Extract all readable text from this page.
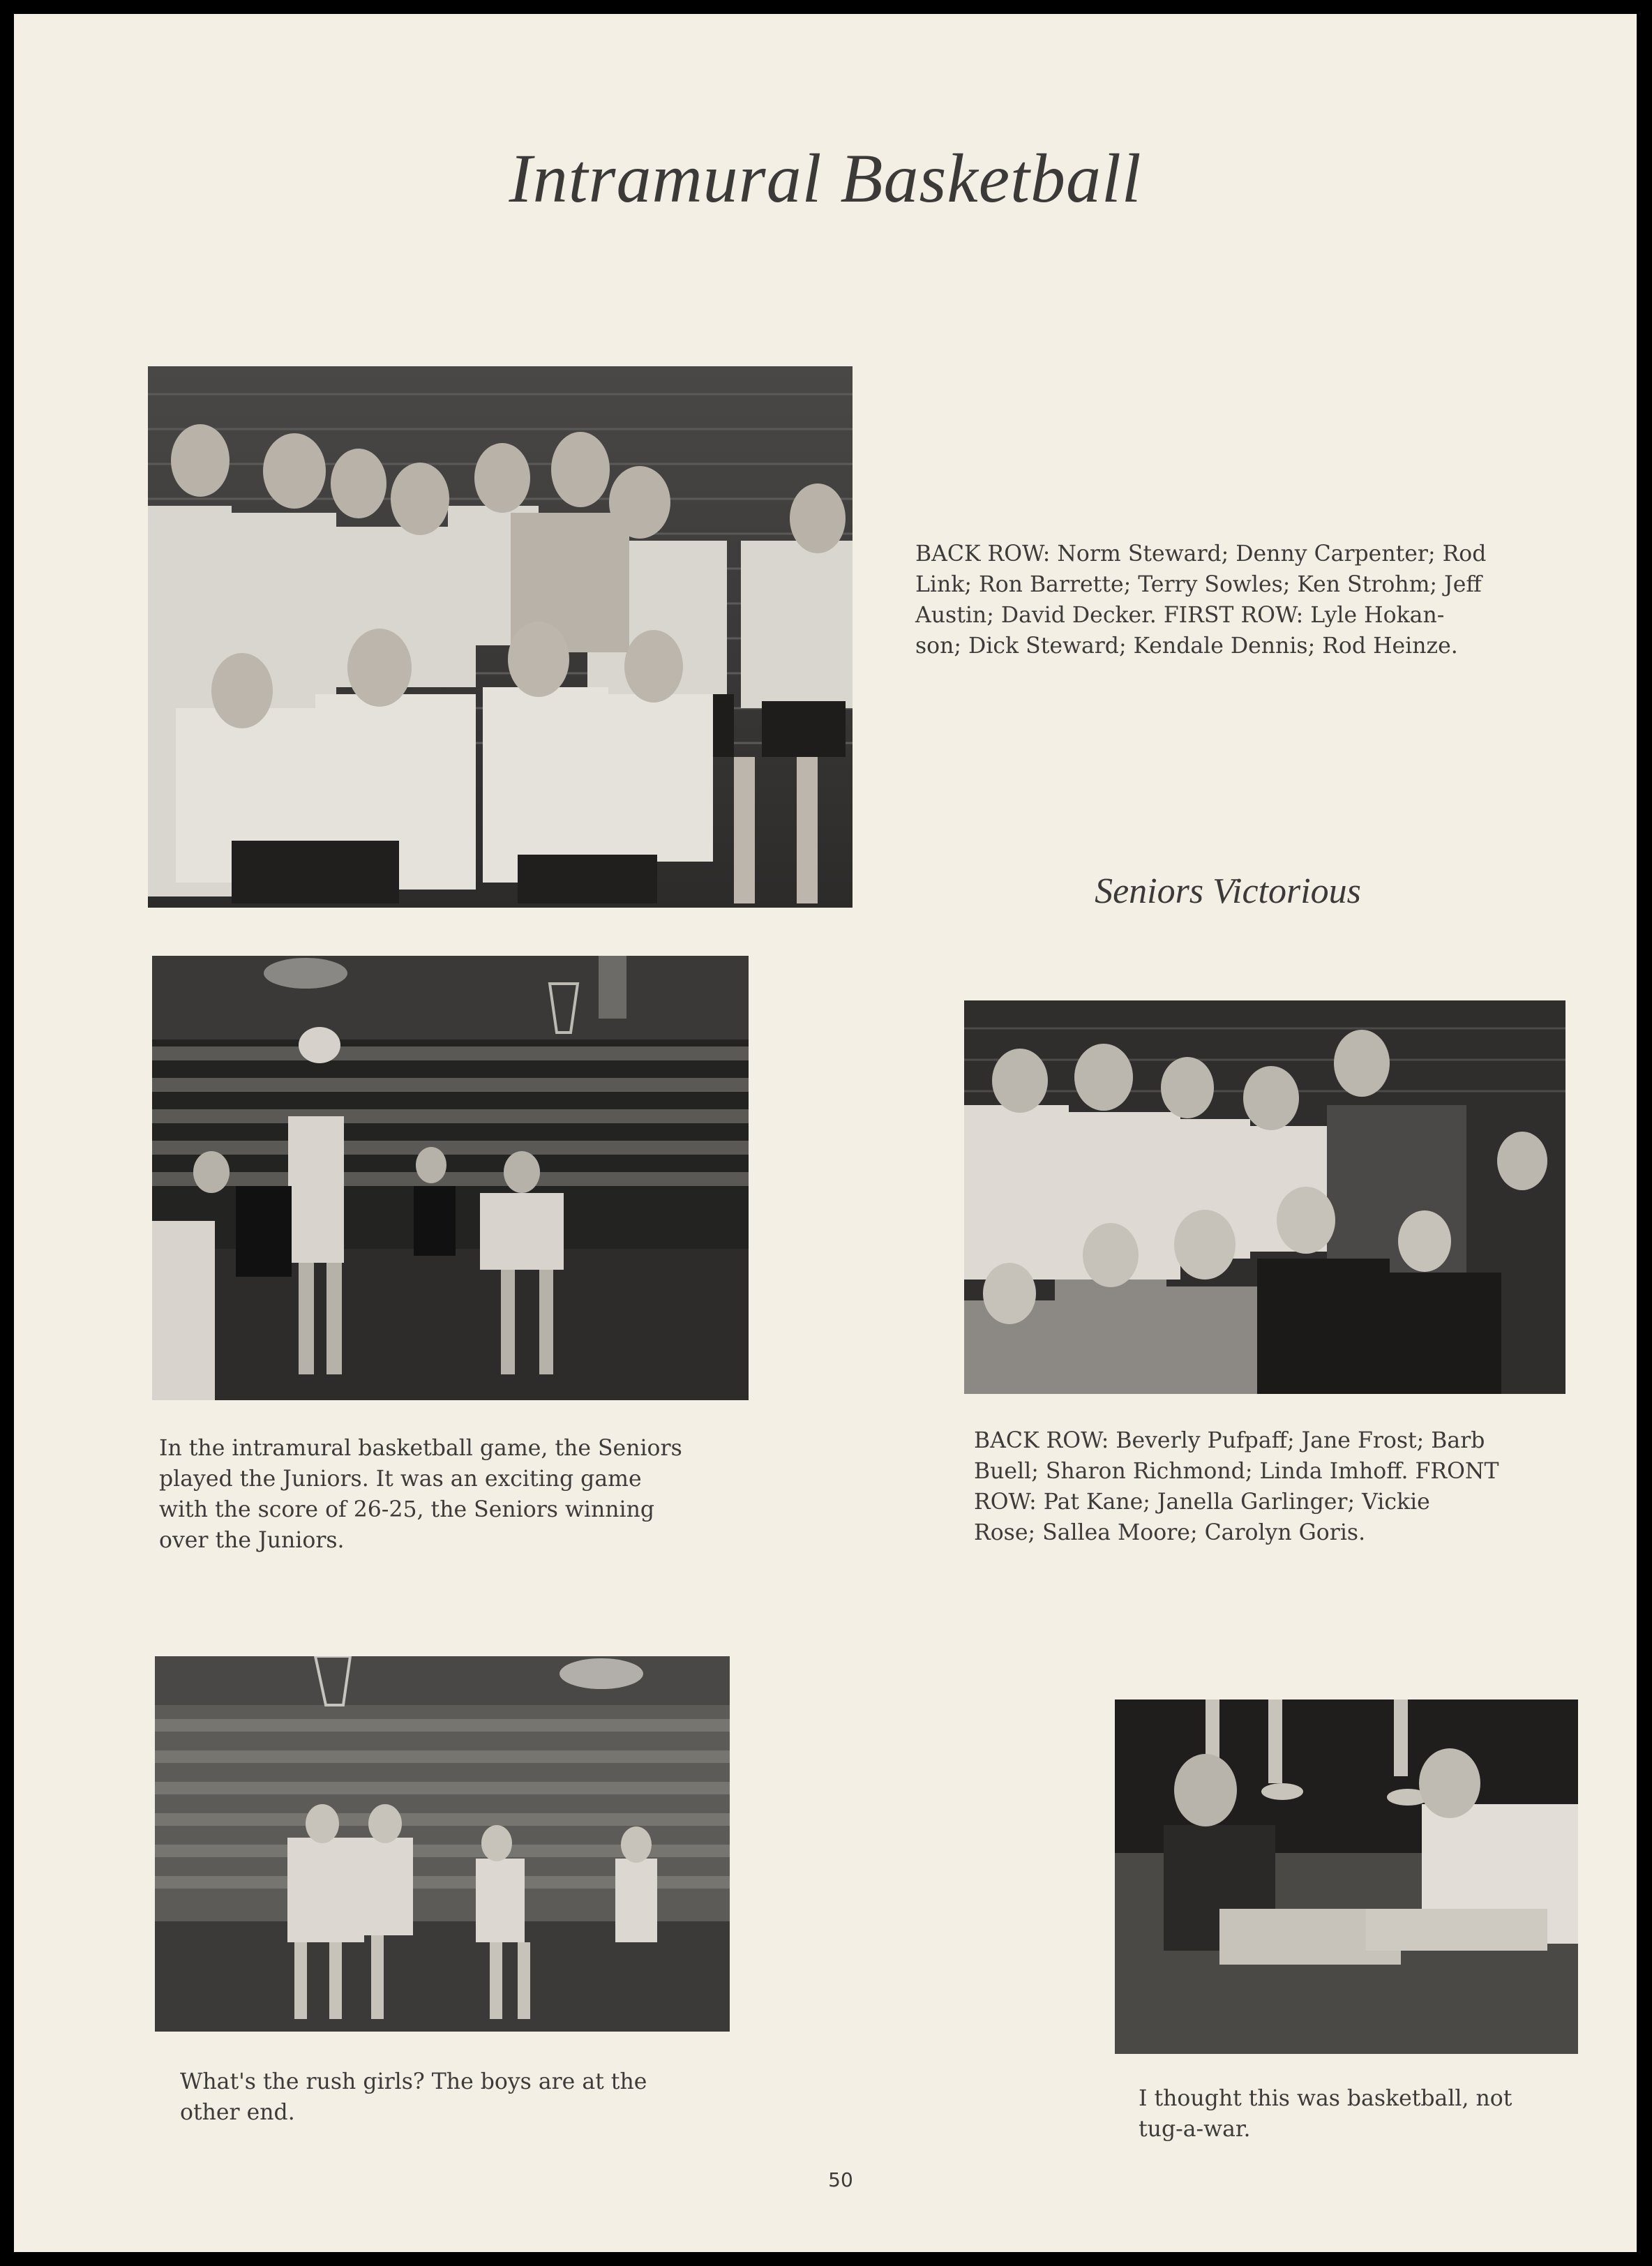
Intramural Basketball
BACK ROW: Norm Steward; Denny Carpenter; Rod
Link; Ron Barrette; Terry Sowles; Ken Strohm; Jeff
Austin; David Decker. FIRST ROW: Lyle Hokan-
son; Dick Steward; Kendale Dennis; Rod Heinze.
Seniors Victorious
In the intramural basketball game, the Seniors
played the Juniors. It was an exciting game
with the score of 26-25, the Seniors winning
over the Juniors.
BACK ROW: Beverly Pufpaff; Jane Frost; Barb
Buell; Sharon Richmond; Linda Imhoff. FRONT
ROW: Pat Kane; Janella Garlinger; Vickie
Rose; Sallea Moore; Carolyn Goris.
What's the rush girls? The boys are at the
other end.
I thought this was basketball, not
tug-a-war.
50
